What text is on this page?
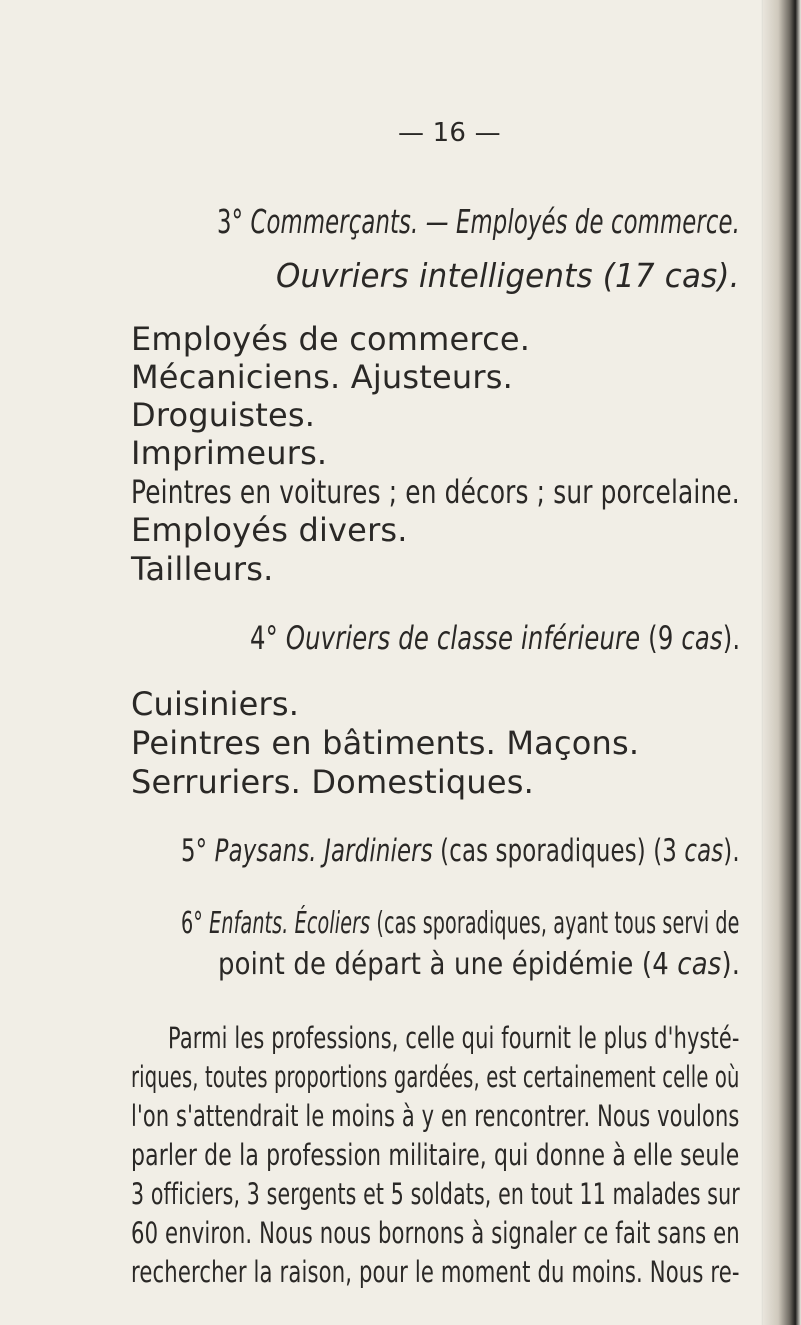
— 16 —
3° Commerçants. — Employés de commerce.
Ouvriers intelligents (17 cas).
Employés de commerce.
Mécaniciens. Ajusteurs.
Droguistes.
Imprimeurs.
Peintres en voitures ; en décors ; sur porcelaine.
Employés divers.
Tailleurs.
4° Ouvriers de classe inférieure (9 cas).
Cuisiniers.
Peintres en bâtiments. Maçons.
Serruriers. Domestiques.
5° Paysans. Jardiniers (cas sporadiques) (3 cas).
6° Enfants. Écoliers (cas sporadiques, ayant tous servi de
point de départ à une épidémie (4 cas).
Parmi les professions, celle qui fournit le plus d'hysté-
riques, toutes proportions gardées, est certainement celle où
l'on s'attendrait le moins à y en rencontrer. Nous voulons
parler de la profession militaire, qui donne à elle seule
3 officiers, 3 sergents et 5 soldats, en tout 11 malades sur
60 environ. Nous nous bornons à signaler ce fait sans en
rechercher la raison, pour le moment du moins. Nous re-
